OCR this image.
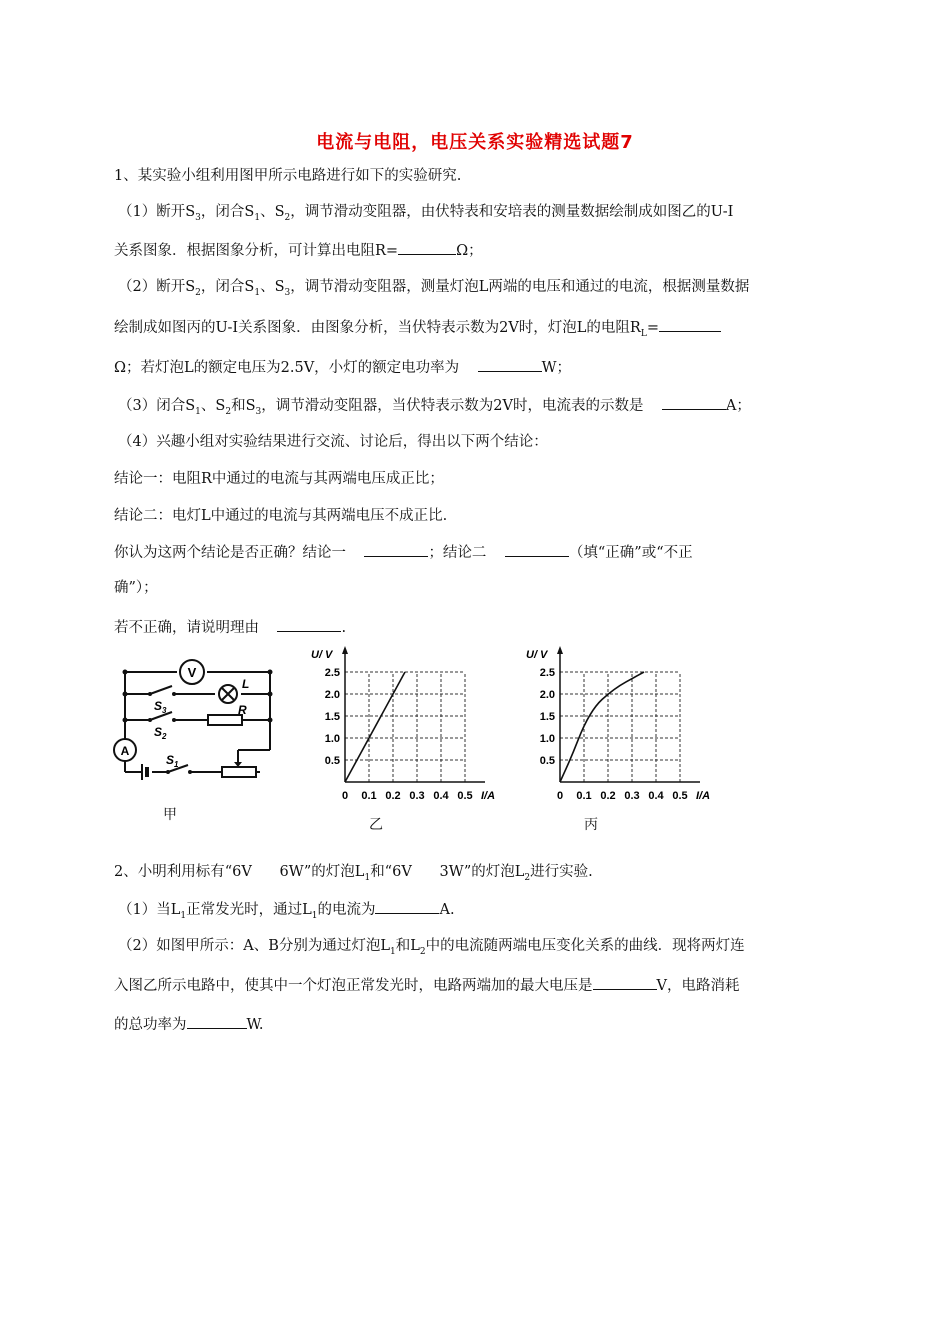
电流与电阻，电压关系实验精选试题7
1、某实验小组利用图甲所示电路进行如下的实验研究.
（1）断开$S_3$，闭合$S_1$、$S_2$，调节滑动变阻器，由伏特表和安培表的测量数据绘制成如图乙的U-I
关系图象．根据图象分析，可计算出电阻R=	Ω；
（2）断开$S_2$，闭合$S_1$、$S_3$，调节滑动变阻器，测量灯泡L两端的电压和通过的电流，根据测量数据
绘制成如图丙的U-I关系图象．由图象分析，当伏特表示数为2V时，灯泡L的电阻$R_L=$
Ω；若灯泡L的额定电压为2.5V，小灯的额定电功率为	W；
（3）闭合$S_1$、$S_2$和$S_3$，调节滑动变阻器，当伏特表示数为2V时，电流表的示数是	A；
（4）兴趣小组对实验结果进行交流、讨论后，得出以下两个结论：
结论一：电阻R中通过的电流与其两端电压成正比；
结论二：电灯L中通过的电流与其两端电压不成正比.
你认为这两个结论是否正确？结论一	；结论二	（填“正确”或“不正
确”）；
若不正确，请说明理由	.
V
A
L
R
$S_3$
$S_2$
$S_1$
甲
2.5
2.0
1.5
1.0
0.5
0 0.1 0.2 0.3 0.4 0.5
U/ V
I/A
乙
2.5
2.0
1.5
1.0
0.5
0 0.1 0.2 0.3 0.4 0.5
U/ V
I/A
丙
2、小明利用标有“6V 6W”的灯泡$L_1$和“6V 3W”的灯泡$L_2$进行实验.
（1）当$L_1$正常发光时，通过$L_1$的电流为	A.
（2）如图甲所示：A、B分别为通过灯泡$L_1$和$L_2$中的电流随两端电压变化关系的曲线．现将两灯连
入图乙所示电路中，使其中一个灯泡正常发光时，电路两端加的最大电压是	V，电路消耗
的总功率为	W.
